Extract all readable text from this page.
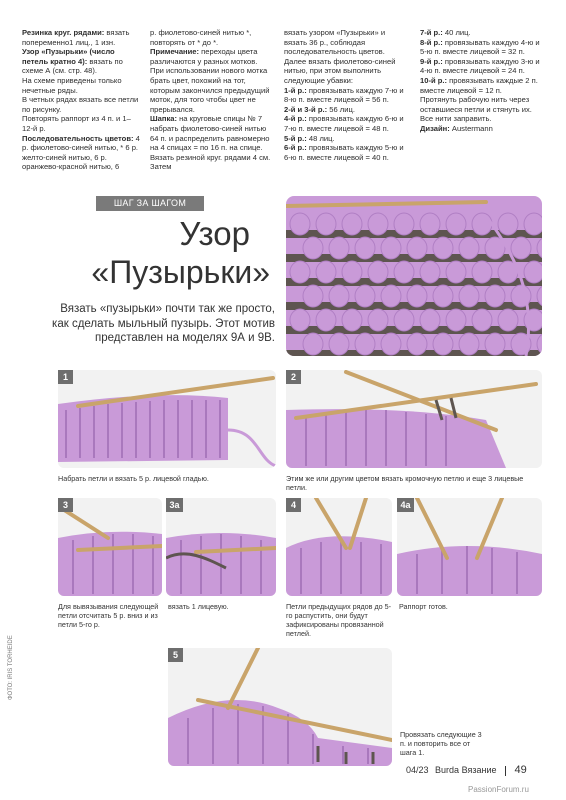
Резинка круг. рядами: вязать попеременно1 лиц., 1 изн.

Узор «Пузырьки» (число петель кратно 4): вязать по схеме А (см. стр. 48).

На схеме приведены только нечетные ряды.

В четных рядах вязать все петли по рисунку.

Повторять раппорт из 4 п. и 1–12-й р.

Последовательность цветов: 4 р. фиолетово-синей нитью, * 6 р. желто-синей нитью, 6 р. оранжево-красной нитью, 6

р. фиолетово-синей нитью *, повторять от * до *.

Примечание: переходы цвета различаются у разных мотков. При использовании нового мотка брать цвет, похожий на тот, которым закончился предыдущий моток, для того чтобы цвет не прерывался.

Шапка: на круговые спицы № 7 набрать фиолетово-синей нитью 64 п. и распределить равномерно на 4 спицах = по 16 п. на спице. Вязать резиной круг. рядами 4 см. Затем

вязать узором «Пузырьки» и вязать 36 р., соблюдая последовательность цветов.

Далее вязать фиолетово-синей нитью, при этом выполнить следующие убавки:

1-й р.: провязывать каждую 7-ю и 8-ю п. вместе лицевой = 56 п.

2-й и 3-й р.: 56 лиц.

4-й р.: провязывать каждую 6-ю и 7-ю п. вместе лицевой = 48 п.

5-й р.: 48 лиц.

6-й р.: провязывать каждую 5-ю и 6-ю п. вместе лицевой = 40 п.

7-й р.: 40 лиц.

8-й р.: провязывать каждую 4-ю и 5-ю п. вместе лицевой = 32 п.

9-й р.: провязывать каждую 3-ю и 4-ю п. вместе лицевой = 24 п.

10-й р.: провязывать каждые 2 п. вместе лицевой = 12 п.

Протянуть рабочую нить через оставшиеся петли и стянуть их.

Все нити заправить.

Дизайн: Austermann

ШАГ ЗА ШАГОМ
Узор
«Пузырьки»
Вязать «пузырьки» почти так же просто, как сделать мыльный пузырь. Этот мотив представлен на моделях 9А и 9В.
1
Набрать петли и вязать 5 р. лицевой гладью.
2
Этим же или другим цветом вязать кромочную петлю и еще 3 лицевые петли.
3
Для вывязывания следующей петли отсчитать 5 р. вниз и из петли 5-го р.
3а
вязать 1 лицевую.
4
Петли предыдущих рядов до 5-го распустить, они будут зафиксированы провязанной петлей.
4а
Раппорт готов.
5
Провязать следующие 3 п. и повторить все от шага 1.
ФОТО: IRIS TORHEIDE
04/23 Burda Вязание 49
PassionForum.ru
